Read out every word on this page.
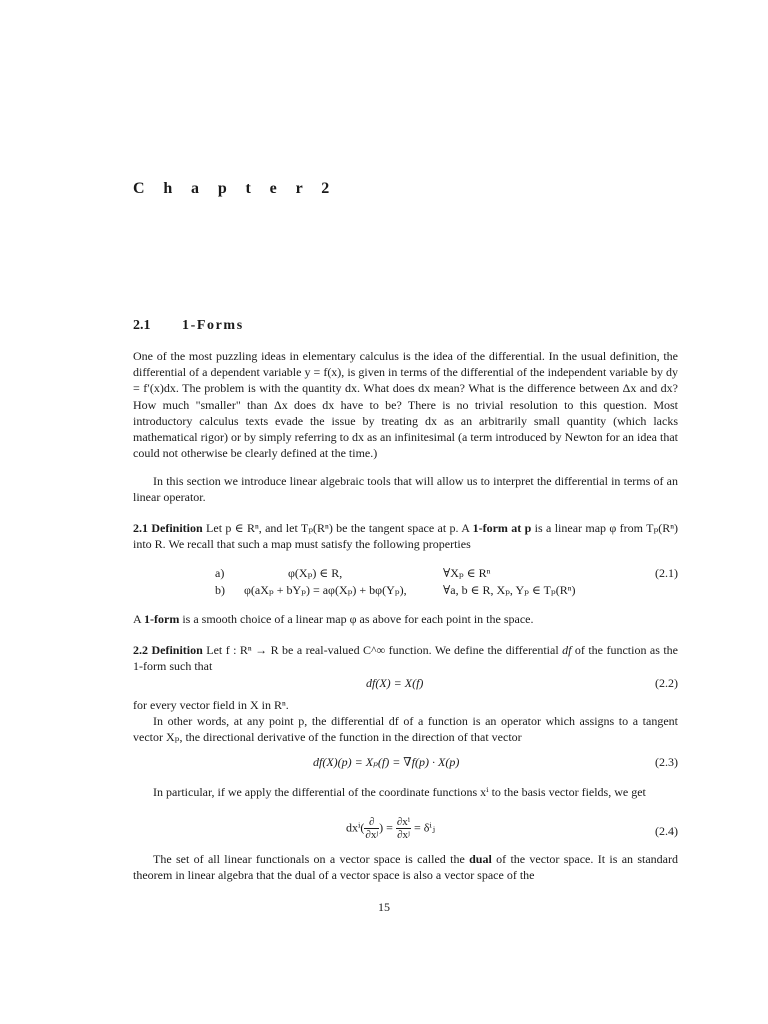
C h a p t e r 2
2.1 1-Forms

One of the most puzzling ideas in elementary calculus is the idea of the differential. In the usual definition, the differential of a dependent variable y = f(x), is given in terms of the differential of the independent variable by dy = f′(x)dx. The problem is with the quantity dx. What does dx mean? What is the difference between Δx and dx? How much "smaller" than Δx does dx have to be? There is no trivial resolution to this question. Most introductory calculus texts evade the issue by treating dx as an arbitrarily small quantity (which lacks mathematical rigor) or by simply referring to dx as an infinitesimal (a term introduced by Newton for an idea that could not otherwise be clearly defined at the time.)

In this section we introduce linear algebraic tools that will allow us to interpret the differential in terms of an linear operator.

2.1 Definition Let p ∈ Rⁿ, and let Tₚ(Rⁿ) be the tangent space at p. A 1-form at p is a linear map φ from Tₚ(Rⁿ) into R. We recall that such a map must satisfy the following properties

a)	φ(Xₚ) ∈ R,	∀Xₚ ∈ Rⁿ	(2.1)
b) φ(aXₚ + bYₚ) = aφ(Xₚ) + bφ(Yₚ),	∀a, b ∈ R, Xₚ, Yₚ ∈ Tₚ(Rⁿ)

A 1-form is a smooth choice of a linear map φ as above for each point in the space.

2.2 Definition Let f : Rⁿ → R be a real-valued C^∞ function. We define the differential df of the function as the 1-form such that

df(X) = X(f)	(2.2)

for every vector field in X in Rⁿ.

In other words, at any point p, the differential df of a function is an operator which assigns to a tangent vector Xₚ, the directional derivative of the function in the direction of that vector

df(X)(p) = Xₚ(f) = ∇f(p) · X(p)	(2.3)

In particular, if we apply the differential of the coordinate functions xⁱ to the basis vector fields, we get

$dx^i( \frac{\partial}{\text{∂xʲ}}$ ) = $\frac{\text{∂xⁱ}}{\text{∂xʲ}}$ = δⁱⱼ	(2.4)

The set of all linear functionals on a vector space is called the dual of the vector space. It is an standard theorem in linear algebra that the dual of a vector space is also a vector space of the

15
